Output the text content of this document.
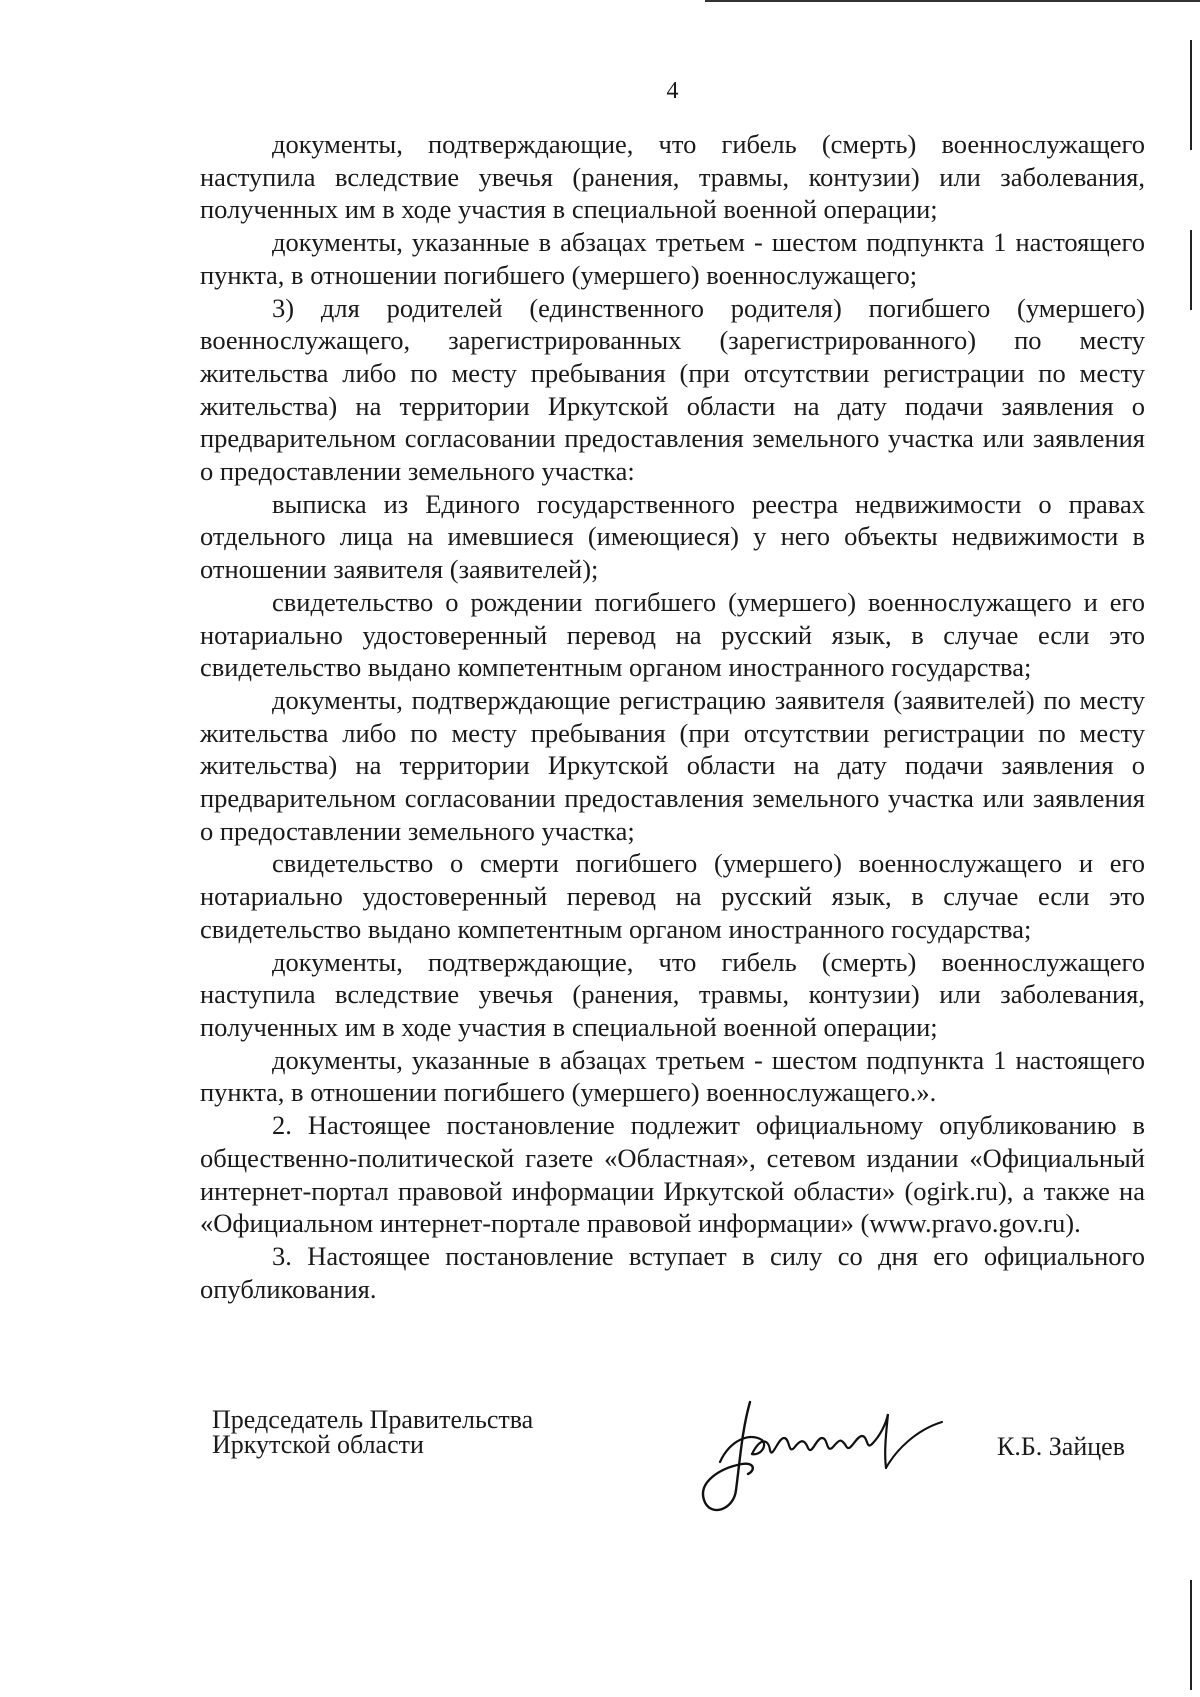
4

документы, подтверждающие, что гибель (смерть) военнослужащего наступила вследствие увечья (ранения, травмы, контузии) или заболевания, полученных им в ходе участия в специальной военной операции;

документы, указанные в абзацах третьем - шестом подпункта 1 настоящего пункта, в отношении погибшего (умершего) военнослужащего;

3) для родителей (единственного родителя) погибшего (умершего) военнослужащего, зарегистрированных (зарегистрированного) по месту жительства либо по месту пребывания (при отсутствии регистрации по месту жительства) на территории Иркутской области на дату подачи заявления о предварительном согласовании предоставления земельного участка или заявления о предоставлении земельного участка:

выписка из Единого государственного реестра недвижимости о правах отдельного лица на имевшиеся (имеющиеся) у него объекты недвижимости в отношении заявителя (заявителей);

свидетельство о рождении погибшего (умершего) военнослужащего и его нотариально удостоверенный перевод на русский язык, в случае если это свидетельство выдано компетентным органом иностранного государства;

документы, подтверждающие регистрацию заявителя (заявителей) по месту жительства либо по месту пребывания (при отсутствии регистрации по месту жительства) на территории Иркутской области на дату подачи заявления о предварительном согласовании предоставления земельного участка или заявления о предоставлении земельного участка;

свидетельство о смерти погибшего (умершего) военнослужащего и его нотариально удостоверенный перевод на русский язык, в случае если это свидетельство выдано компетентным органом иностранного государства;

документы, подтверждающие, что гибель (смерть) военнослужащего наступила вследствие увечья (ранения, травмы, контузии) или заболевания, полученных им в ходе участия в специальной военной операции;

документы, указанные в абзацах третьем - шестом подпункта 1 настоящего пункта, в отношении погибшего (умершего) военнослужащего.».

2. Настоящее постановление подлежит официальному опубликованию в общественно-политической газете «Областная», сетевом издании «Официальный интернет-портал правовой информации Иркутской области» (ogirk.ru), а также на «Официальном интернет-портале правовой информации» (www.pravo.gov.ru).

3. Настоящее постановление вступает в силу со дня его официального опубликования.

Председатель Правительства
Иркутской области	К.Б. Зайцев
